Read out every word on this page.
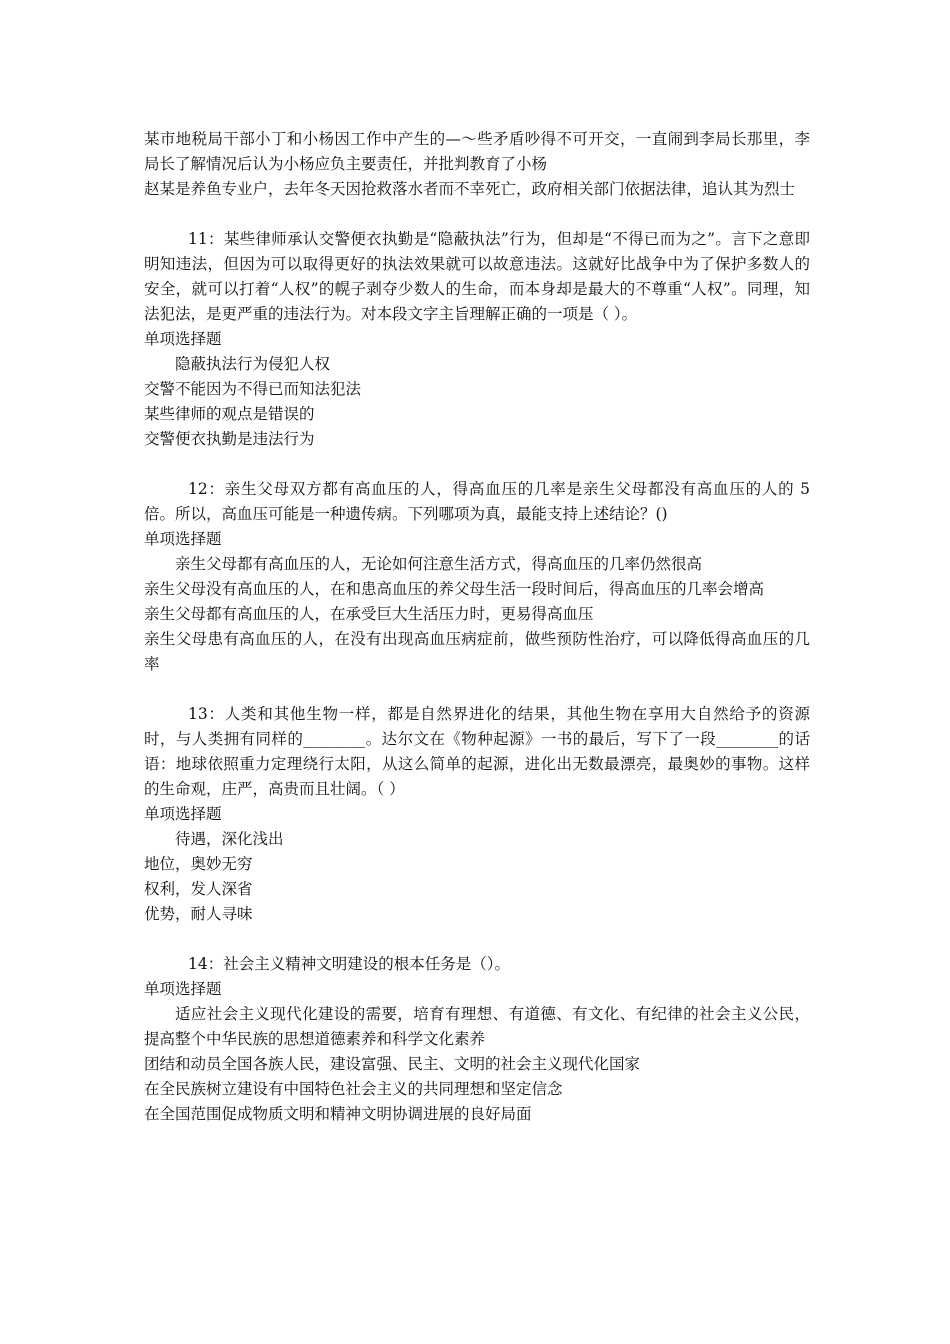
某市地税局干部小丁和小杨因工作中产生的—～些矛盾吵得不可开交，一直闹到李局长那里，李局长了解情况后认为小杨应负主要责任，并批判教育了小杨

赵某是养鱼专业户，去年冬天因抢救落水者而不幸死亡，政府相关部门依据法律，追认其为烈士

11：某些律师承认交警便衣执勤是“隐蔽执法”行为，但却是“不得已而为之”。言下之意即明知违法，但因为可以取得更好的执法效果就可以故意违法。这就好比战争中为了保护多数人的安全，就可以打着“人权”的幌子剥夺少数人的生命，而本身却是最大的不尊重“人权”。同理，知法犯法，是更严重的违法行为。对本段文字主旨理解正确的一项是（ ）。

单项选择题

隐蔽执法行为侵犯人权

交警不能因为不得已而知法犯法

某些律师的观点是错误的

交警便衣执勤是违法行为

12：亲生父母双方都有高血压的人，得高血压的几率是亲生父母都没有高血压的人的 5 倍。所以，高血压可能是一种遗传病。下列哪项为真，最能支持上述结论？()

单项选择题

亲生父母都有高血压的人，无论如何注意生活方式，得高血压的几率仍然很高

亲生父母没有高血压的人，在和患高血压的养父母生活一段时间后，得高血压的几率会增高

亲生父母都有高血压的人，在承受巨大生活压力时，更易得高血压

亲生父母患有高血压的人，在没有出现高血压病症前，做些预防性治疗，可以降低得高血压的几率

13：人类和其他生物一样，都是自然界进化的结果，其他生物在享用大自然给予的资源时，与人类拥有同样的________。达尔文在《物种起源》一书的最后，写下了一段________的话语：地球依照重力定理绕行太阳，从这么简单的起源，进化出无数最漂亮，最奥妙的事物。这样的生命观，庄严，高贵而且壮阔。（ ）

单项选择题

待遇，深化浅出

地位，奥妙无穷

权利，发人深省

优势，耐人寻味

14：社会主义精神文明建设的根本任务是（）。

单项选择题

适应社会主义现代化建设的需要，培育有理想、有道德、有文化、有纪律的社会主义公民，提高整个中华民族的思想道德素养和科学文化素养

团结和动员全国各族人民，建设富强、民主、文明的社会主义现代化国家

在全民族树立建设有中国特色社会主义的共同理想和坚定信念

在全国范围促成物质文明和精神文明协调进展的良好局面
